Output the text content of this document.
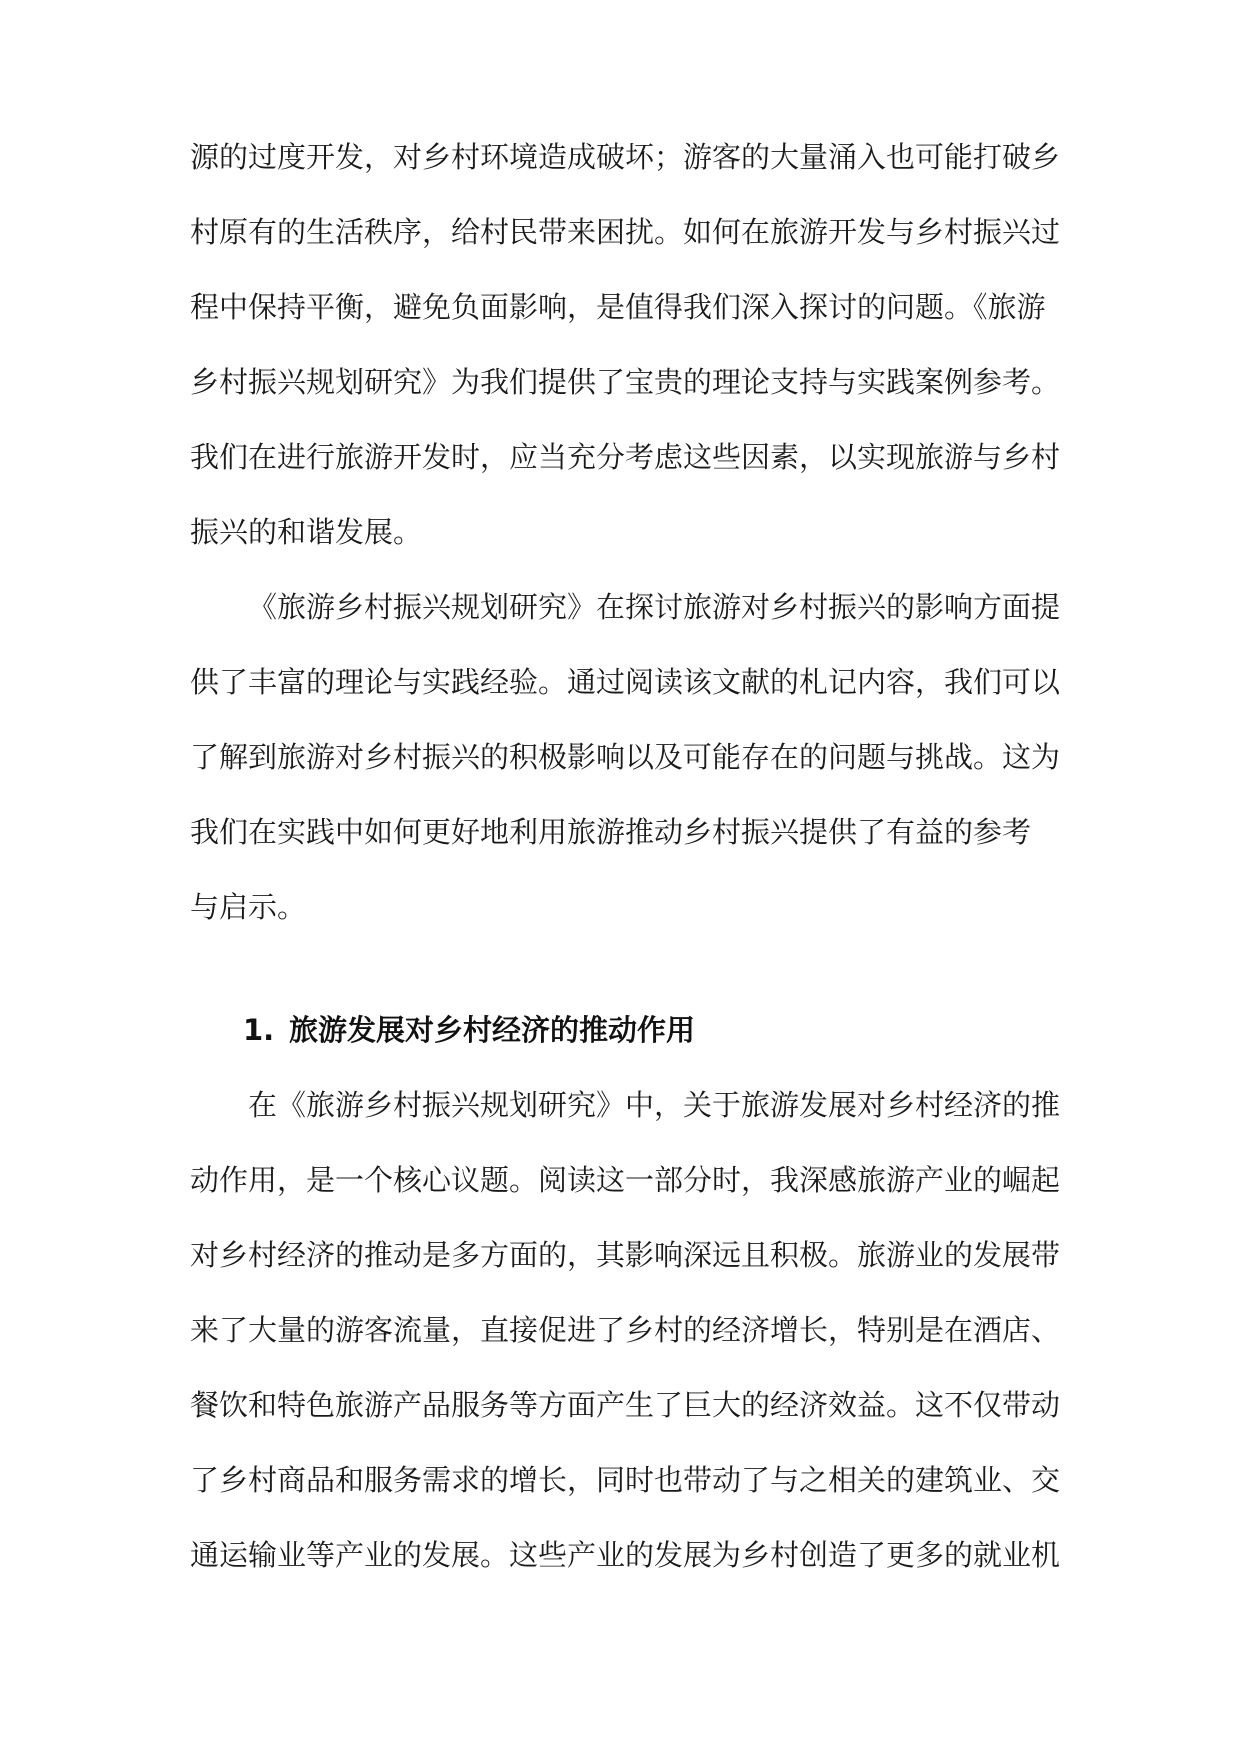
源的过度开发，对乡村环境造成破坏；游客的大量涌入也可能打破乡
村原有的生活秩序，给村民带来困扰。如何在旅游开发与乡村振兴过
程中保持平衡，避免负面影响，是值得我们深入探讨的问题。《旅游
乡村振兴规划研究》为我们提供了宝贵的理论支持与实践案例参考。
我们在进行旅游开发时，应当充分考虑这些因素，以实现旅游与乡村
振兴的和谐发展。
《旅游乡村振兴规划研究》在探讨旅游对乡村振兴的影响方面提
供了丰富的理论与实践经验。通过阅读该文献的札记内容，我们可以
了解到旅游对乡村振兴的积极影响以及可能存在的问题与挑战。这为
我们在实践中如何更好地利用旅游推动乡村振兴提供了有益的参考
与启示。
1. 旅游发展对乡村经济的推动作用
在《旅游乡村振兴规划研究》中，关于旅游发展对乡村经济的推
动作用，是一个核心议题。阅读这一部分时，我深感旅游产业的崛起
对乡村经济的推动是多方面的，其影响深远且积极。旅游业的发展带
来了大量的游客流量，直接促进了乡村的经济增长，特别是在酒店、
餐饮和特色旅游产品服务等方面产生了巨大的经济效益。这不仅带动
了乡村商品和服务需求的增长，同时也带动了与之相关的建筑业、交
通运输业等产业的发展。这些产业的发展为乡村创造了更多的就业机
